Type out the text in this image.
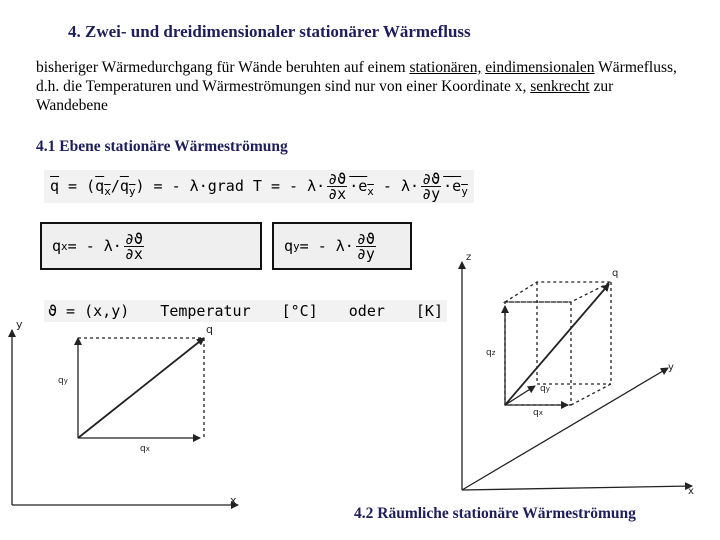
4. Zwei- und dreidimensionaler stationärer Wärmefluss
bisheriger Wärmedurchgang für Wände beruhten auf einem stationären, eindimensionalen Wärmefluss, d.h. die Temperaturen und Wärmeströmungen sind nur von einer Koordinate x, senkrecht zur Wandebene
4.1 Ebene stationäre Wärmeströmung
$\overline{q} = (q_x/q_y)$ = - λ·grad T = - $\lambda\cdot \frac{\partial ϑ}{\partial x} \cdot e_x - \lambda\cdot \frac{\partial ϑ}{\partial y} \cdot e_y$
q x = - $\lambda\cdot \frac{\partial ϑ}{\partial x}$	q y = - $\lambda\cdot \frac{\partial ϑ}{\partial y}$
ϑ = (x,y) Temperatur [°C] oder [K]
y
x
q
qy
qx
z
y
x
q
qz
qy
qx
4.2 Räumliche stationäre Wärmeströmung
